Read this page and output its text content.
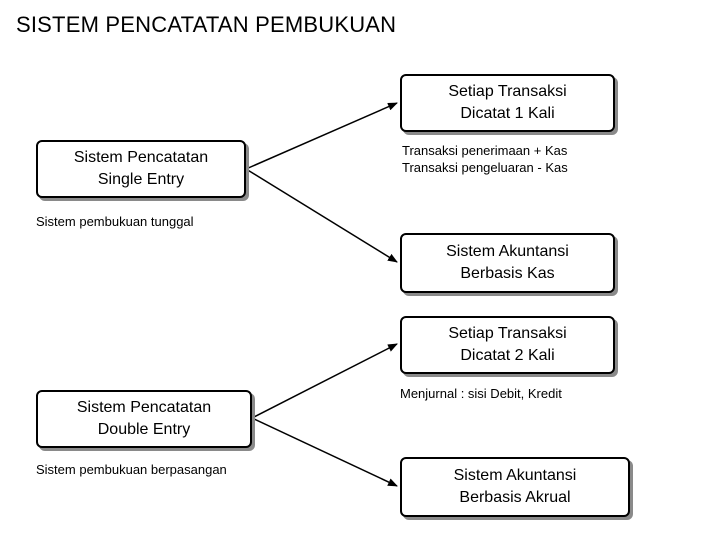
SISTEM PENCATATAN PEMBUKUAN
Sistem Pencatatan
Single Entry
Sistem Pencatatan
Double Entry
Setiap Transaksi
Dicatat 1 Kali
Sistem Akuntansi
Berbasis Kas
Setiap Transaksi
Dicatat 2 Kali
Sistem Akuntansi
Berbasis Akrual
Sistem pembukuan tunggal
Sistem pembukuan berpasangan
Transaksi penerimaan + Kas
Transaksi pengeluaran - Kas
Menjurnal : sisi Debit, Kredit
